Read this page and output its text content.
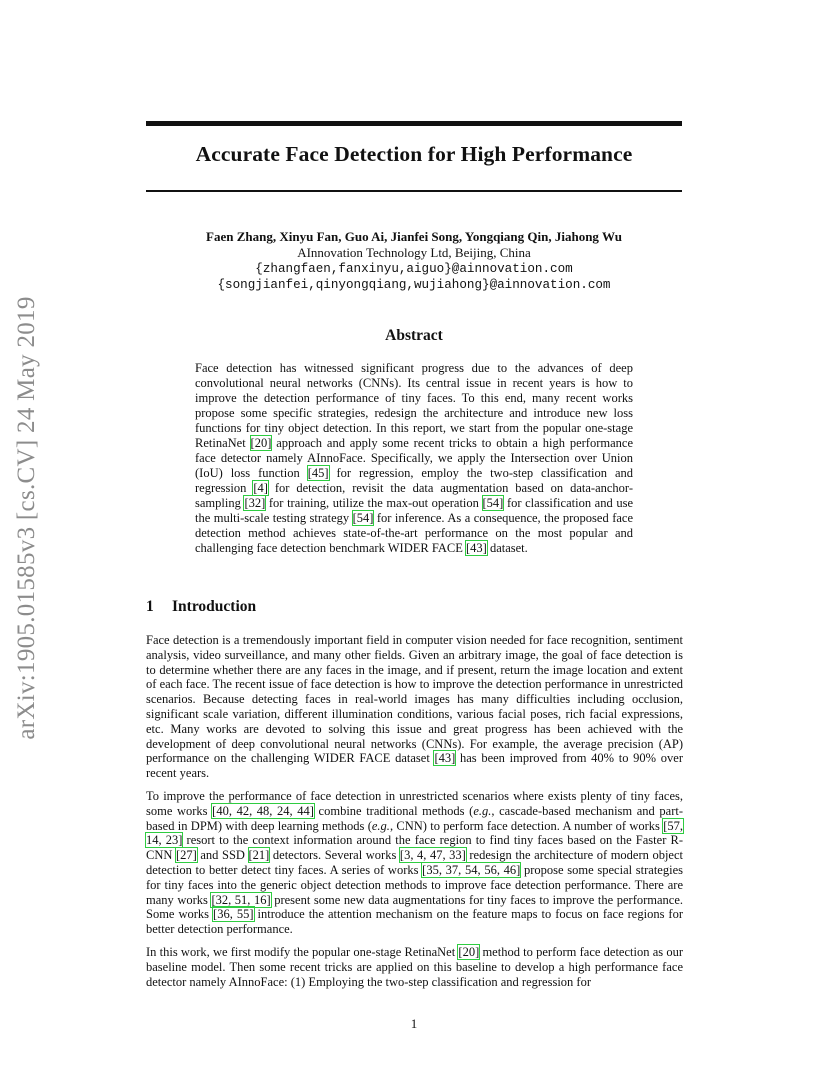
arXiv:1905.01585v3 [cs.CV] 24 May 2019
Accurate Face Detection for High Performance
Faen Zhang, Xinyu Fan, Guo Ai, Jianfei Song, Yongqiang Qin, Jiahong Wu
AInnovation Technology Ltd, Beijing, China
{zhangfaen,fanxinyu,aiguo}@ainnovation.com
{songjianfei,qinyongqiang,wujiahong}@ainnovation.com
Abstract
Face detection has witnessed significant progress due to the advances of deep convolutional neural networks (CNNs). Its central issue in recent years is how to improve the detection performance of tiny faces. To this end, many recent works propose some specific strategies, redesign the architecture and introduce new loss functions for tiny object detection. In this report, we start from the popular one-stage RetinaNet [20] approach and apply some recent tricks to obtain a high performance face detector namely AInnoFace. Specifically, we apply the Intersection over Union (IoU) loss function [45] for regression, employ the two-step classification and regression [4] for detection, revisit the data augmentation based on data-anchor-sampling [32] for training, utilize the max-out operation [54] for classification and use the multi-scale testing strategy [54] for inference. As a consequence, the proposed face detection method achieves state-of-the-art performance on the most popular and challenging face detection benchmark WIDER FACE [43] dataset.
1 Introduction

Face detection is a tremendously important field in computer vision needed for face recognition, sentiment analysis, video surveillance, and many other fields. Given an arbitrary image, the goal of face detection is to determine whether there are any faces in the image, and if present, return the image location and extent of each face. The recent issue of face detection is how to improve the detection performance in unrestricted scenarios. Because detecting faces in real-world images has many difficulties including occlusion, significant scale variation, different illumination conditions, various facial poses, rich facial expressions, etc. Many works are devoted to solving this issue and great progress has been achieved with the development of deep convolutional neural networks (CNNs). For example, the average precision (AP) performance on the challenging WIDER FACE dataset [43] has been improved from 40% to 90% over recent years.

To improve the performance of face detection in unrestricted scenarios where exists plenty of tiny faces, some works [40, 42, 48, 24, 44] combine traditional methods (e.g., cascade-based mechanism and part-based in DPM) with deep learning methods (e.g., CNN) to perform face detection. A number of works [57, 14, 23] resort to the context information around the face region to find tiny faces based on the Faster R-CNN [27] and SSD [21] detectors. Several works [3, 4, 47, 33] redesign the architecture of modern object detection to better detect tiny faces. A series of works [35, 37, 54, 56, 46] propose some special strategies for tiny faces into the generic object detection methods to improve face detection performance. There are many works [32, 51, 16] present some new data augmentations for tiny faces to improve the performance. Some works [36, 55] introduce the attention mechanism on the feature maps to focus on face regions for better detection performance.

In this work, we first modify the popular one-stage RetinaNet [20] method to perform face detection as our baseline model. Then some recent tricks are applied on this baseline to develop a high performance face detector namely AInnoFace: (1) Employing the two-step classification and regression for

1
